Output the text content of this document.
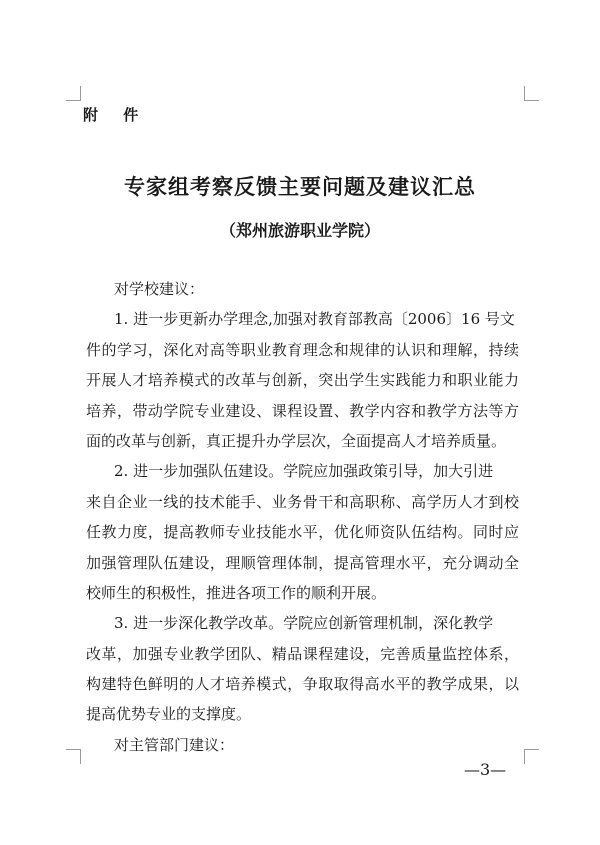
附 件
专家组考察反馈主要问题及建议汇总
（郑州旅游职业学院）
对学校建议：
1. 进一步更新办学理念,加强对教育部教高〔2006〕16 号文
件的学习，深化对高等职业教育理念和规律的认识和理解，持续
开展人才培养模式的改革与创新，突出学生实践能力和职业能力
培养，带动学院专业建设、课程设置、教学内容和教学方法等方
面的改革与创新，真正提升办学层次，全面提高人才培养质量。
2. 进一步加强队伍建设。学院应加强政策引导，加大引进
来自企业一线的技术能手、业务骨干和高职称、高学历人才到校
任教力度，提高教师专业技能水平，优化师资队伍结构。同时应
加强管理队伍建设，理顺管理体制，提高管理水平，充分调动全
校师生的积极性，推进各项工作的顺利开展。
3. 进一步深化教学改革。学院应创新管理机制，深化教学
改革，加强专业教学团队、精品课程建设，完善质量监控体系，
构建特色鲜明的人才培养模式，争取取得高水平的教学成果，以
提高优势专业的支撑度。
对主管部门建议：
—3—
